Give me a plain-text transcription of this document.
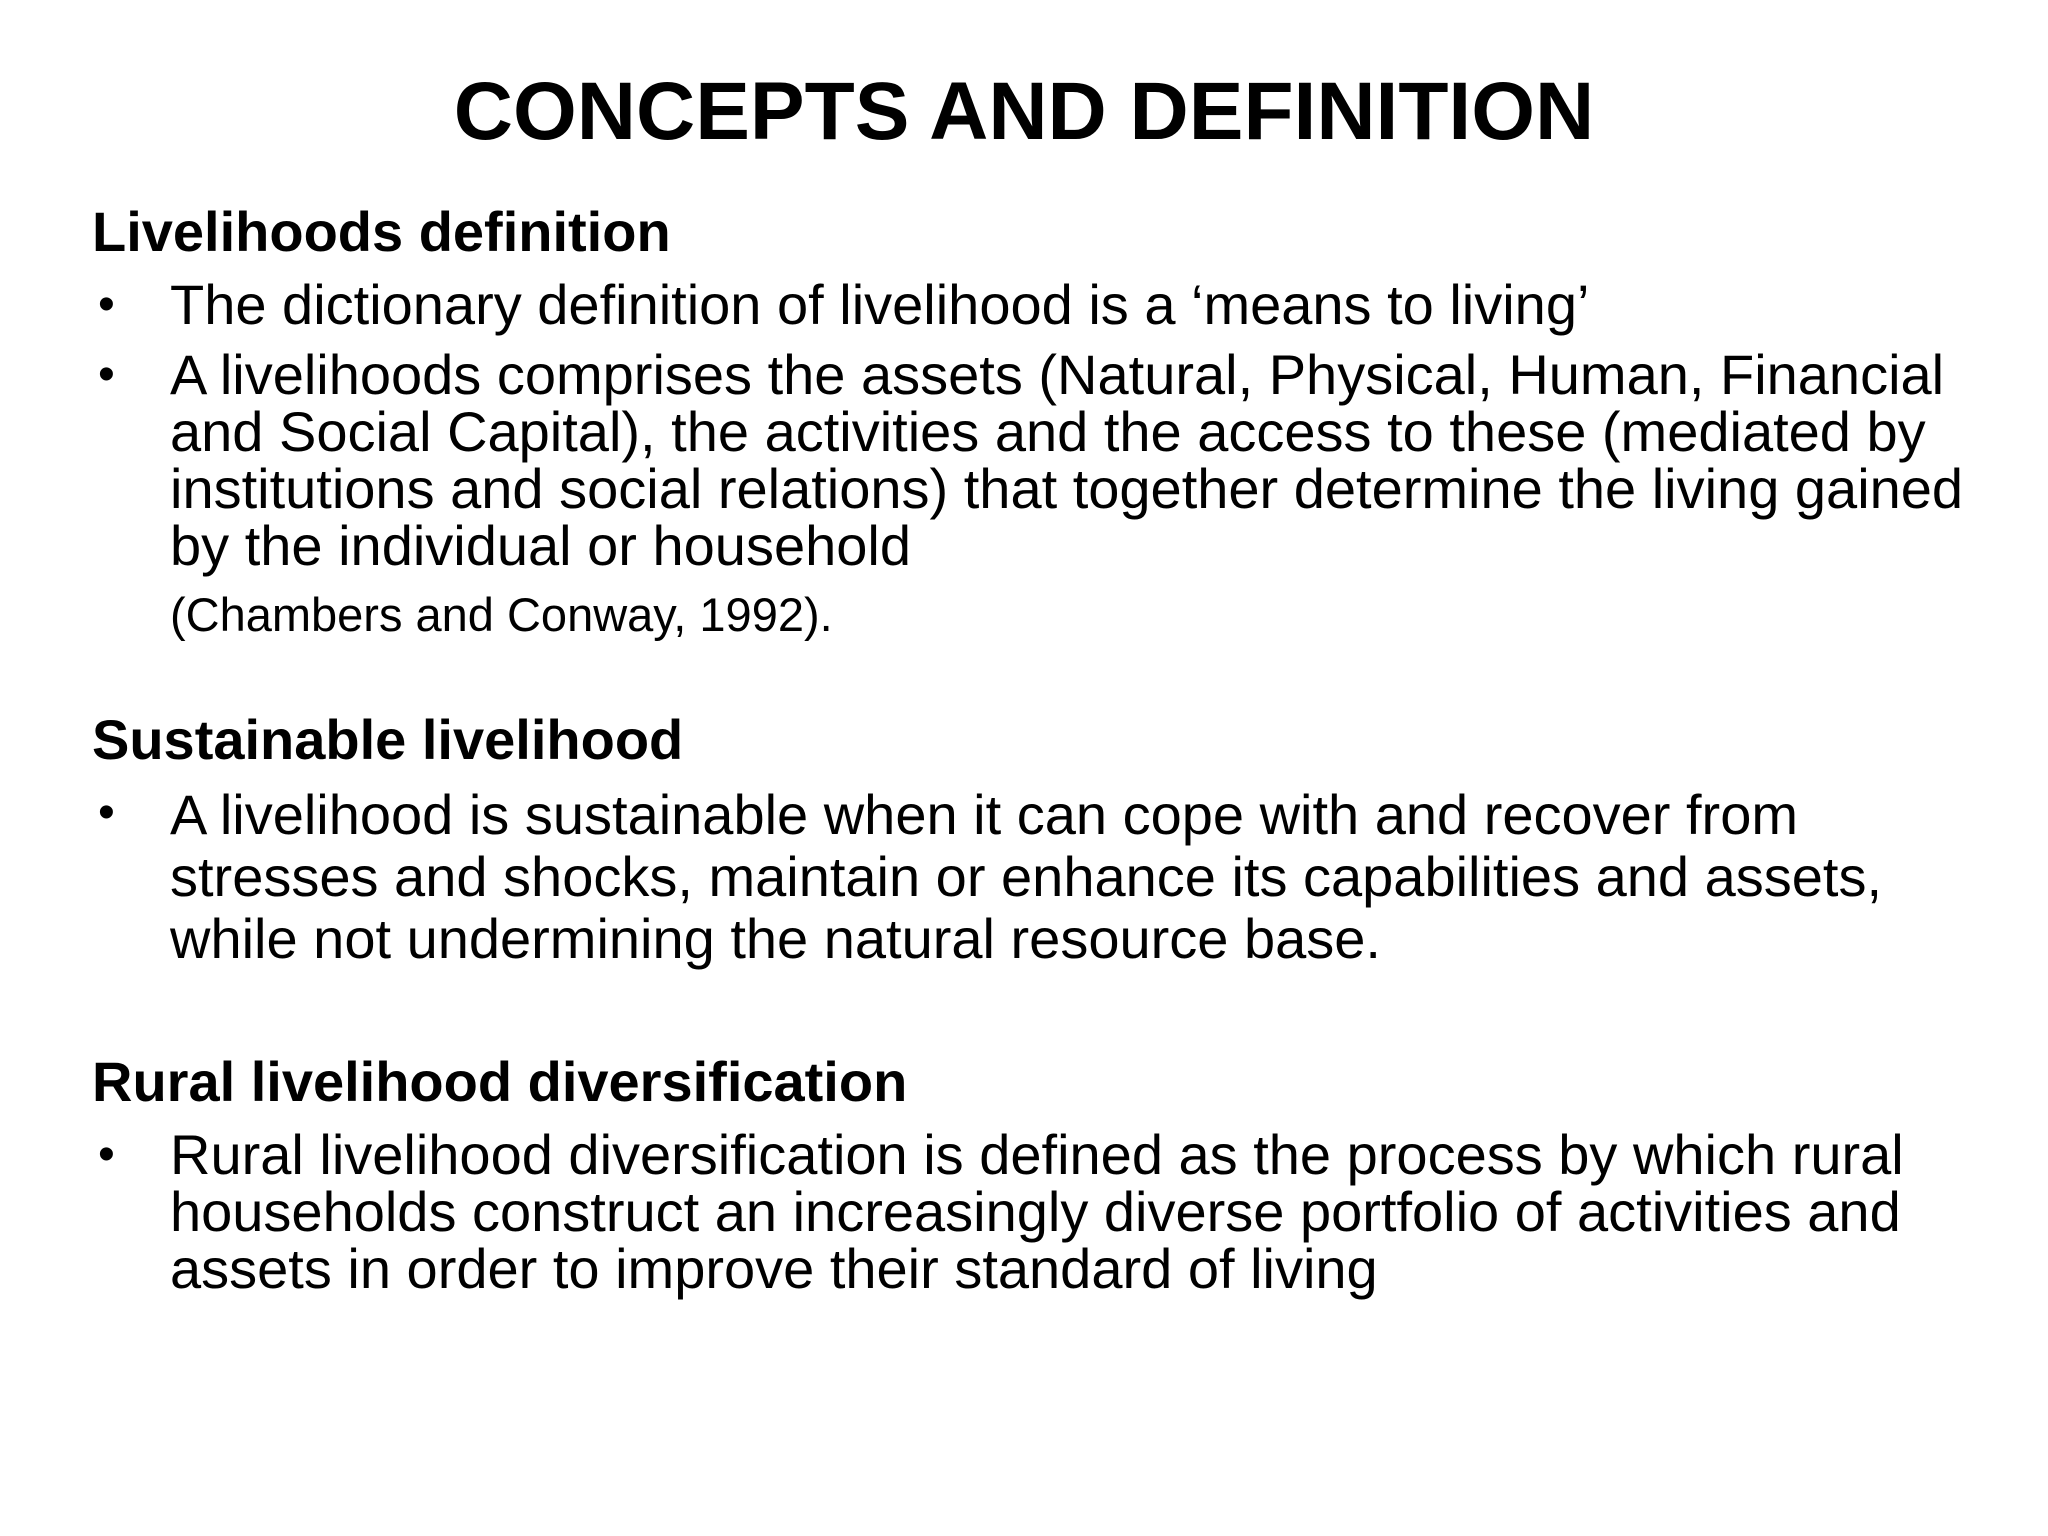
CONCEPTS AND DEFINITION
Livelihoods definition
• The dictionary definition of livelihood is a ‘means to living’
• A livelihoods comprises the assets (Natural, Physical, Human, Financial and Social Capital), the activities and the access to these (mediated by institutions and social relations) that together determine the living gained by the individual or household
(Chambers and Conway, 1992).
Sustainable livelihood
• A livelihood is sustainable when it can cope with and recover from stresses and shocks, maintain or enhance its capabilities and assets, while not undermining the natural resource base.
Rural livelihood diversification
• Rural livelihood diversification is defined as the process by which rural households construct an increasingly diverse portfolio of activities and assets in order to improve their standard of living
